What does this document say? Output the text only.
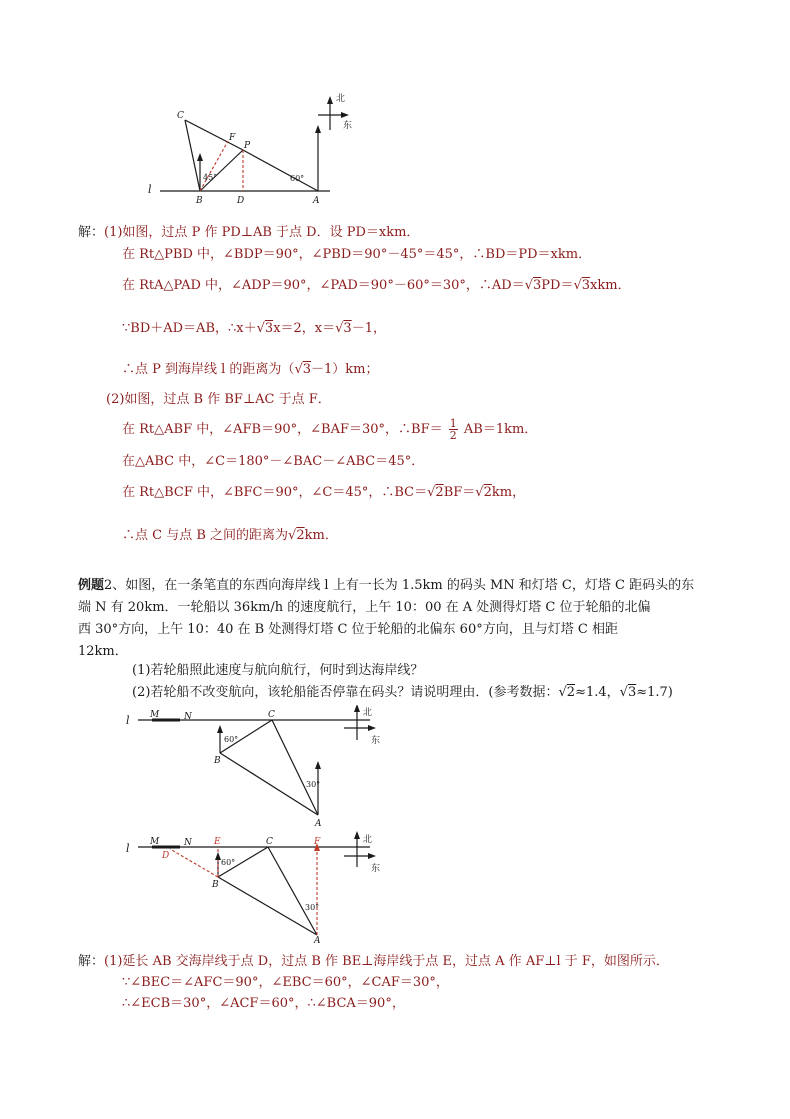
C
F
P
l
B	D	A
45°	60°
北
东
解：(1)如图，过点 P 作 PD⊥AB 于点 D．设 PD＝xkm．
在 Rt△PBD 中，∠BDP＝90°，∠PBD＝90°－45°＝45°，∴BD＝PD＝xkm．
在 RtA△PAD 中，∠ADP＝90°，∠PAD＝90°－60°＝30°，∴AD＝√3PD＝√3xkm．
∵BD＋AD＝AB，∴x＋√3x＝2，x＝√3－1，
∴点 P 到海岸线 l 的距离为（√3－1）km；
(2)如图，过点 B 作 BF⊥AC 于点 F．
在 Rt△ABF 中，∠AFB＝90°，∠BAF＝30°，∴BF＝ $\frac{1}{2} AB=1km$．
在△ABC 中，∠C＝180°－∠BAC－∠ABC＝45°．
在 Rt△BCF 中，∠BFC＝90°，∠C＝45°，∴BC＝√2BF＝√2km，
∴点 C 与点 B 之间的距离为√2km．
例题2、如图，在一条笔直的东西向海岸线 l 上有一长为 1.5km 的码头 MN 和灯塔 C，灯塔 C 距码头的东
端 N 有 20km．一轮船以 36km/h 的速度航行，上午 10：00 在 A 处测得灯塔 C 位于轮船的北偏
西 30°方向，上午 10：40 在 B 处测得灯塔 C 位于轮船的北偏东 60°方向，且与灯塔 C 相距
12km．
(1)若轮船照此速度与航向航行，何时到达海岸线？
(2)若轮船不改变航向，该轮船能否停靠在码头？请说明理由．(参考数据：√2≈1.4，√3≈1.7)
l M	N	C
B
A
60°
30°
北
东
l M	N	C
B
A
E	F
D
60°
30°
北
东
解：(1)延长 AB 交海岸线于点 D，过点 B 作 BE⊥海岸线于点 E，过点 A 作 AF⊥l 于 F，如图所示．
∵∠BEC＝∠AFC＝90°，∠EBC＝60°，∠CAF＝30°，
∴∠ECB＝30°，∠ACF＝60°，∴∠BCA＝90°，
